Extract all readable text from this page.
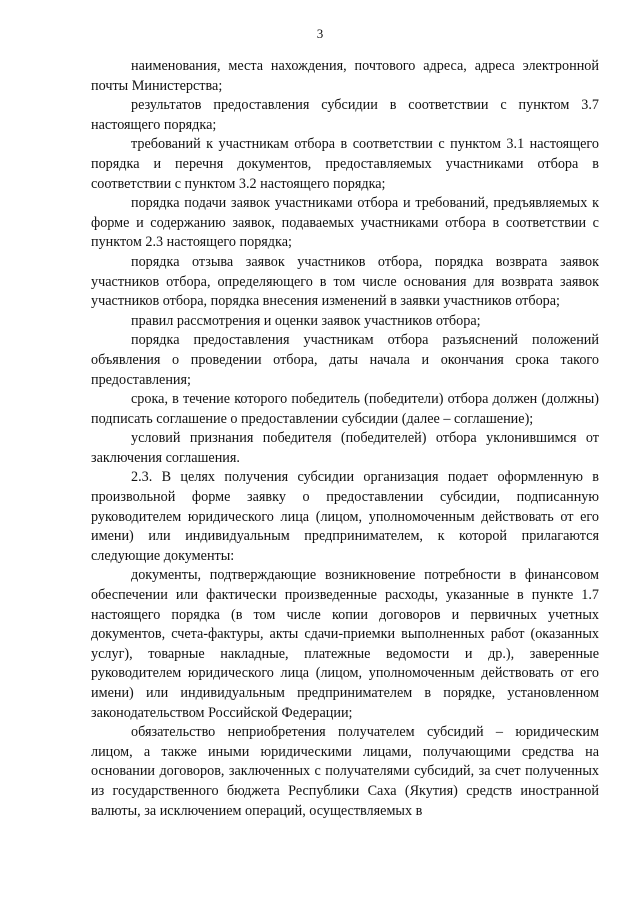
3

наименования, места нахождения, почтового адреса, адреса электронной почты Министерства;

результатов предоставления субсидии в соответствии с пунктом 3.7 настоящего порядка;

требований к участникам отбора в соответствии с пунктом 3.1 настоящего порядка и перечня документов, предоставляемых участниками отбора в соответствии с пунктом 3.2 настоящего порядка;

порядка подачи заявок участниками отбора и требований, предъявляемых к форме и содержанию заявок, подаваемых участниками отбора в соответствии с пунктом 2.3 настоящего порядка;

порядка отзыва заявок участников отбора, порядка возврата заявок участников отбора, определяющего в том числе основания для возврата заявок участников отбора, порядка внесения изменений в заявки участников отбора;

правил рассмотрения и оценки заявок участников отбора;

порядка предоставления участникам отбора разъяснений положений объявления о проведении отбора, даты начала и окончания срока такого предоставления;

срока, в течение которого победитель (победители) отбора должен (должны) подписать соглашение о предоставлении субсидии (далее – соглашение);

условий признания победителя (победителей) отбора уклонившимся от заключения соглашения.

2.3. В целях получения субсидии организация подает оформленную в произвольной форме заявку о предоставлении субсидии, подписанную руководителем юридического лица (лицом, уполномоченным действовать от его имени) или индивидуальным предпринимателем, к которой прилагаются следующие документы:

документы, подтверждающие возникновение потребности в финансовом обеспечении или фактически произведенные расходы, указанные в пункте 1.7 настоящего порядка (в том числе копии договоров и первичных учетных документов, счета-фактуры, акты сдачи-приемки выполненных работ (оказанных услуг), товарные накладные, платежные ведомости и др.), заверенные руководителем юридического лица (лицом, уполномоченным действовать от его имени) или индивидуальным предпринимателем в порядке, установленном законодательством Российской Федерации;

обязательство неприобретения получателем субсидий – юридическим лицом, а также иными юридическими лицами, получающими средства на основании договоров, заключенных с получателями субсидий, за счет полученных из государственного бюджета Республики Саха (Якутия) средств иностранной валюты, за исключением операций, осуществляемых в
